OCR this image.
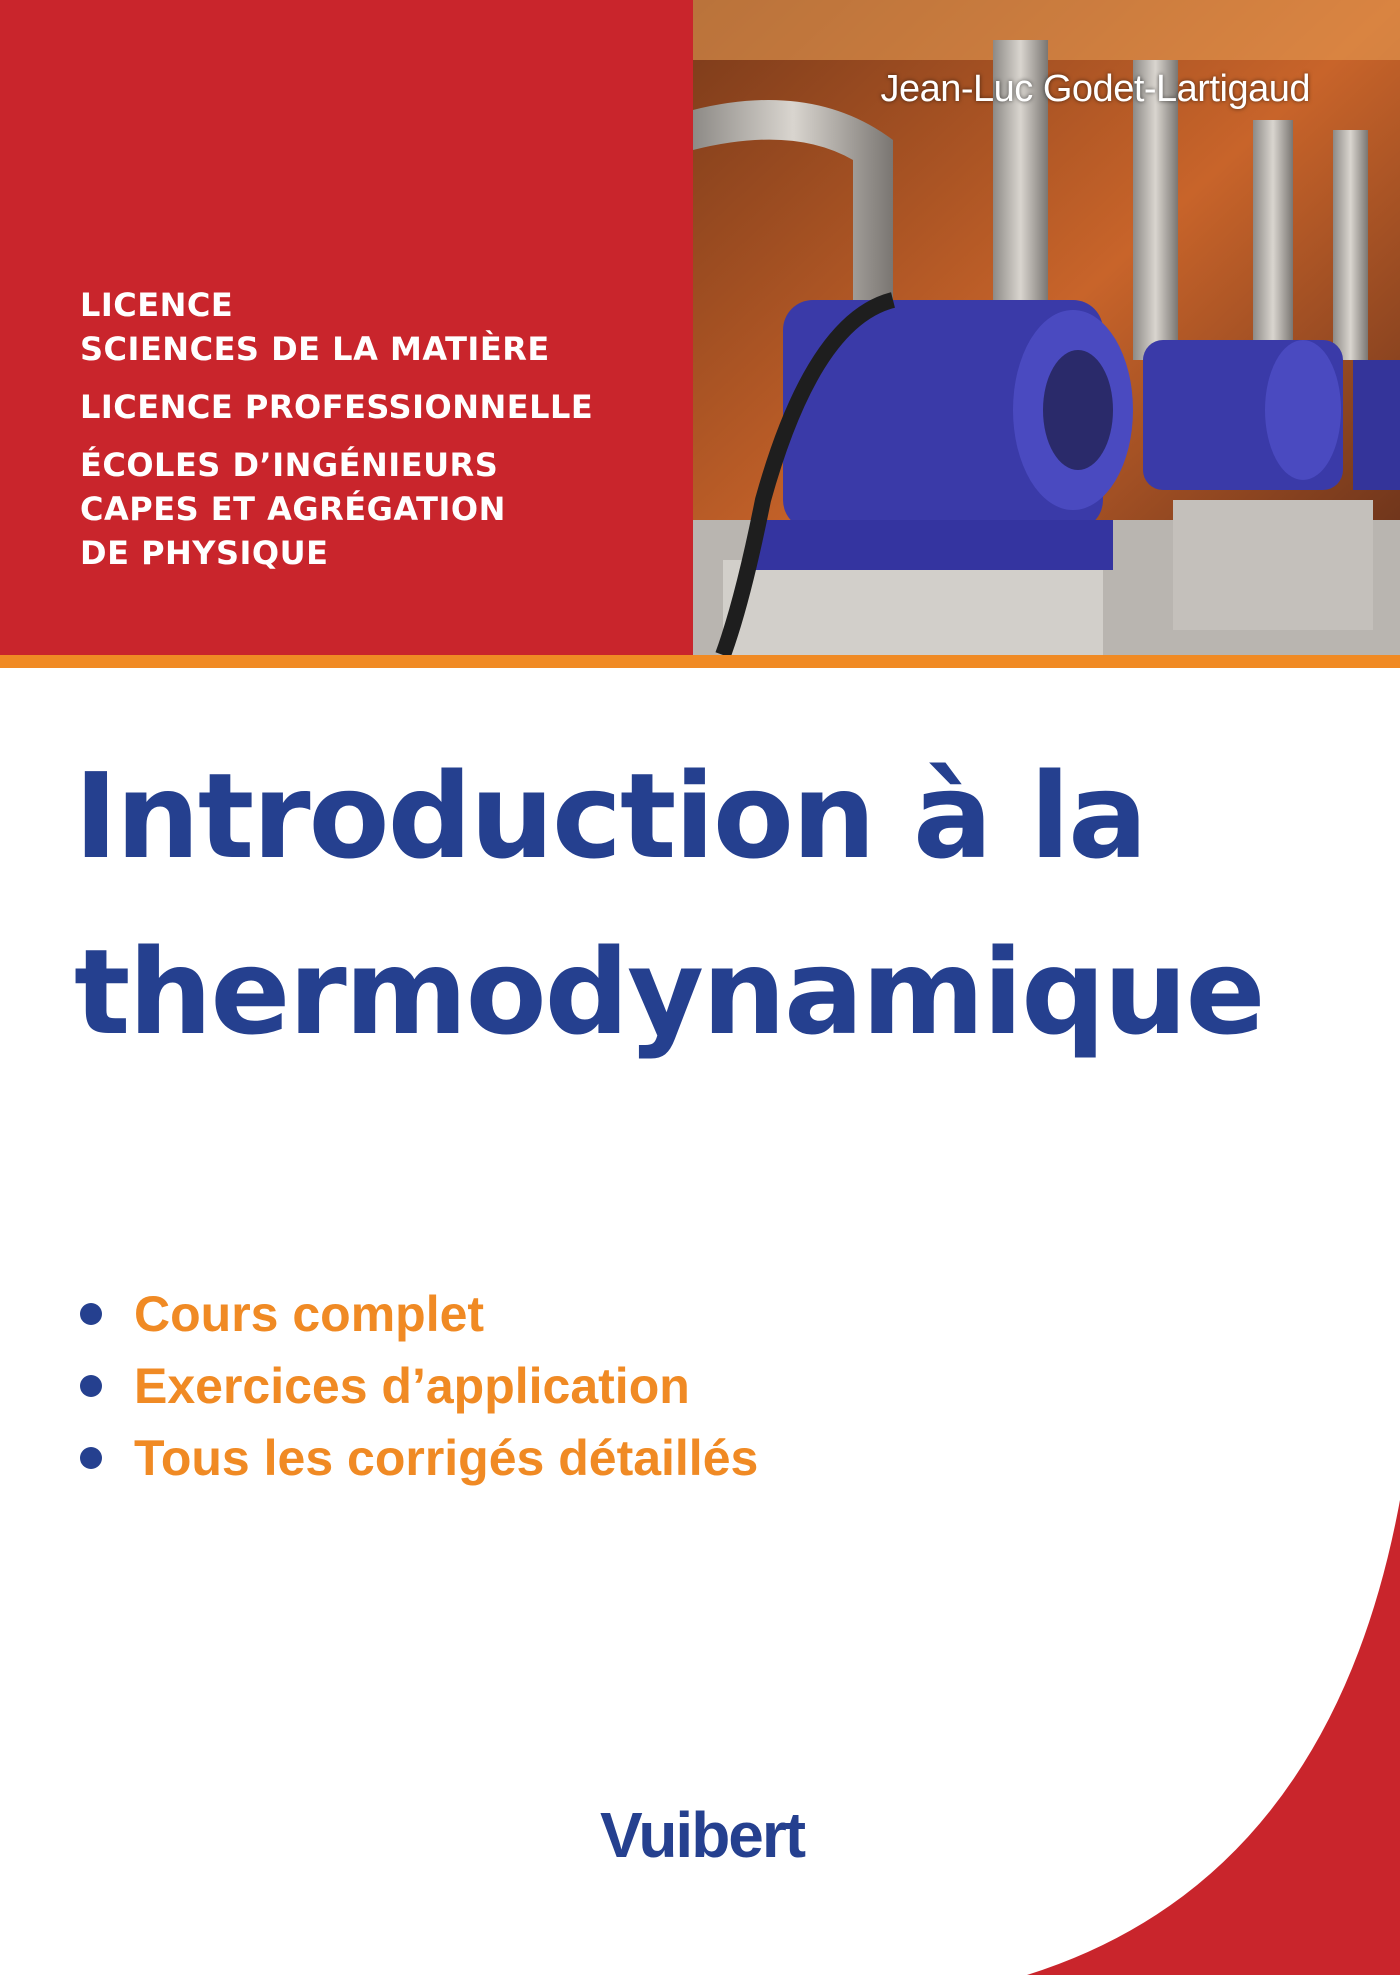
LICENCE
SCIENCES DE LA MATIÈRE
LICENCE PROFESSIONNELLE
ÉCOLES D’INGÉNIEURS
CAPES ET AGRÉGATION
DE PHYSIQUE
Jean-Luc Godet-Lartigaud
Introduction à la
thermodynamique
Cours complet
Exercices d’application
Tous les corrigés détaillés
Vuibert
